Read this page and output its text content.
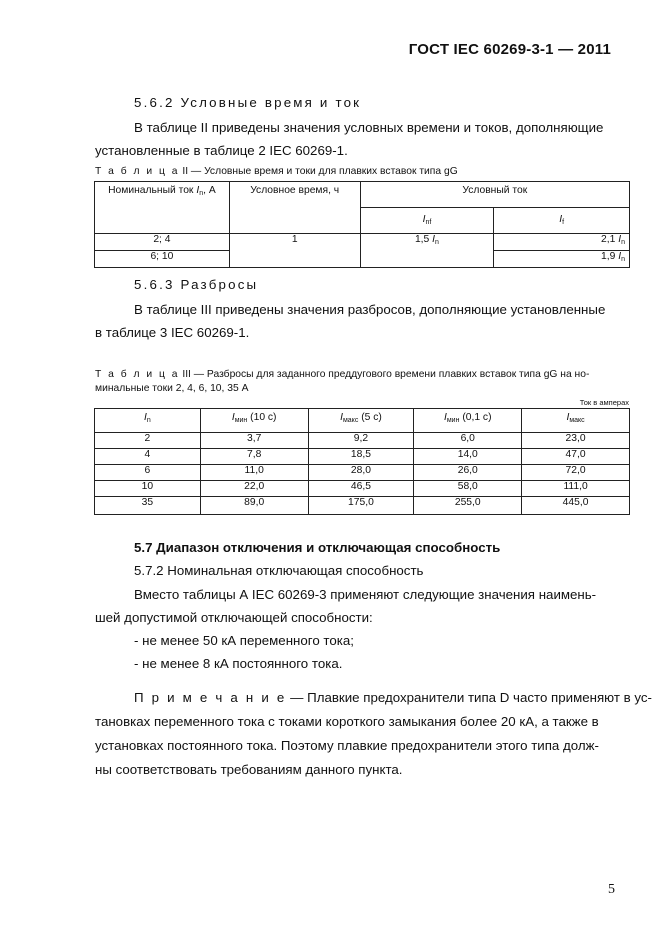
ГОСТ IEC 60269-3-1 — 2011
5.6.2 Условные время и ток
В таблице II приведены значения условных времени и токов, дополняющие
установленные в таблице 2 IEC 60269-1.
Т а б л и ц а II — Условные время и токи для плавких вставок типа gG
Номинальный ток $I_n$, А	Условное время, ч	Условный ток	

		$I_{nf}$	$I_f$

2; 4	1	1,5 $I_n$	2,1 $I_n$
6; 10			1,9 $I_n$
5.6.3 Разбросы
В таблице III приведены значения разбросов, дополняющие установленные
в таблице 3 IEC 60269-1.
Т а б л и ц а III — Разбросы для заданного преддугового времени плавких вставок типа gG на но-
минальные токи 2, 4, 6, 10, 35 А
Ток в амперах
$I_n$	$I_{мин}$ (10 с)	$I_{макс}$ (5 с)	$I_{мин}$ (0,1 с)	$I_{макс}$

2	3,7	9,2	6,0	23,0
4	7,8	18,5	14,0	47,0
6	11,0	28,0	26,0	72,0
10	22,0	46,5	58,0	111,0
35	89,0	175,0	255,0	445,0
5.7 Диапазон отключения и отключающая способность
5.7.2 Номинальная отключающая способность
Вместо таблицы А IEC 60269-3 применяют следующие значения наимень-
шей допустимой отключающей способности:
- не менее 50 кА переменного тока;
- не менее 8 кА постоянного тока.
П р и м е ч а н и е — Плавкие предохранители типа D часто применяют в ус-
тановках переменного тока с токами короткого замыкания более 20 кА, а также в
установках постоянного тока. Поэтому плавкие предохранители этого типа долж-
ны соответствовать требованиям данного пункта.
5
